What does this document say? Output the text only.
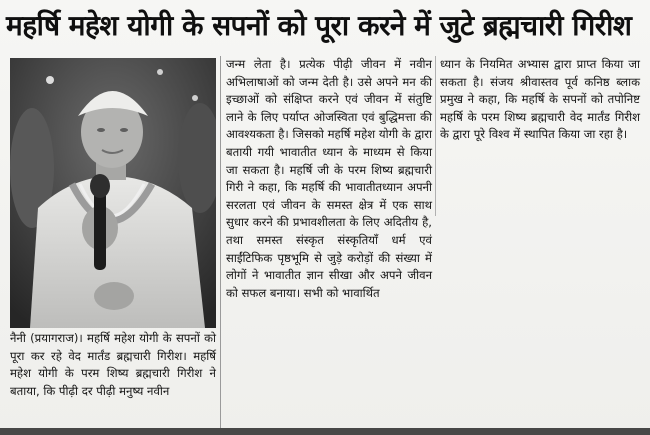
महर्षि महेश योगी के सपनों को पूरा करने में जुटे ब्रह्मचारी गिरीश

नैनी (प्रयागराज)। महर्षि महेश योगी के सपनों को पूरा कर रहे वेद मार्तंड ब्रह्मचारी गिरीश। महर्षि महेश योगी के परम शिष्य ब्रह्मचारी गिरीश ने बताया, कि पीढ़ी दर पीढ़ी मनुष्य नवीन

जन्म लेता है। प्रत्येक पीढ़ी जीवन में नवीन अभिलाषाओं को जन्म देती है। उसे अपने मन की इच्छाओं को संक्षिप्त करने एवं जीवन में संतुष्टि लाने के लिए पर्याप्त ओजस्विता एवं बुद्धिमत्ता की आवश्यकता है। जिसको महर्षि महेश योगी के द्वारा बतायी गयी भावातीत ध्यान के माध्यम से किया जा सकता है। महर्षि जी के परम शिष्य ब्रह्मचारी गिरी ने कहा, कि महर्षि की भावातीतध्यान अपनी सरलता एवं जीवन के समस्त क्षेत्र में एक साथ सुधार करने की प्रभावशीलता के लिए अदितीय है, तथा समस्त संस्कृत संस्कृतियाँ धर्म एवं साईंटिफिक पृष्ठभूमि से जुड़े करोड़ों की संख्या में लोगों ने भावातीत ज्ञान सीखा और अपने जीवन को सफल बनाया। सभी को भावार्थित

ध्यान के नियमित अभ्यास द्वारा प्राप्त किया जा सकता है। संजय श्रीवास्तव पूर्व कनिष्ठ ब्लाक प्रमुख ने कहा, कि महर्षि के सपनों को तपोनिष्ट महर्षि के परम शिष्य ब्रह्मचारी वेद मार्तंड गिरीश के द्वारा पूरे विश्व में स्थापित किया जा रहा है।
